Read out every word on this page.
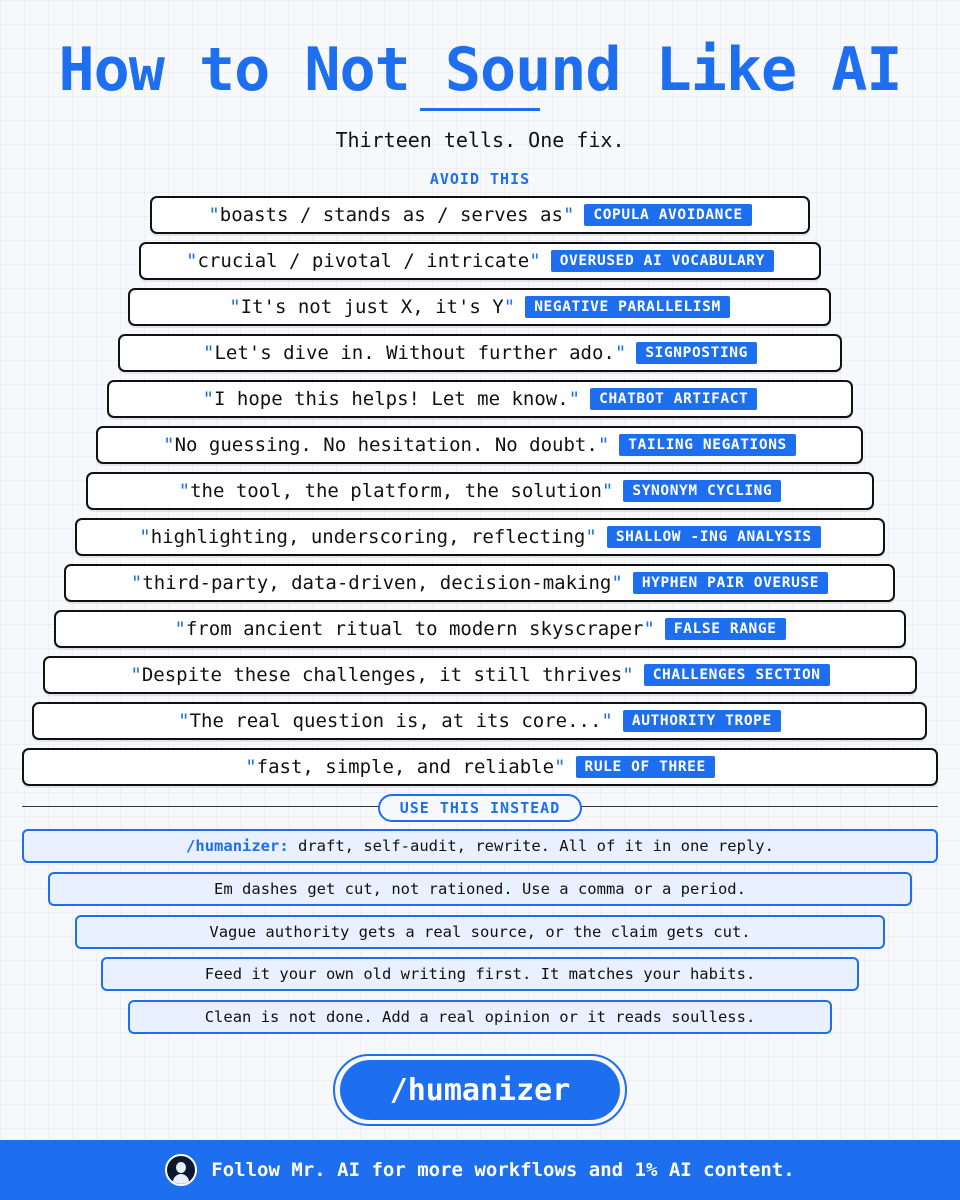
How to Not Sound Like AI
Thirteen tells. One fix.
AVOID THIS
" boasts / stands as / serves as "	COPULA AVOIDANCE
" crucial / pivotal / intricate "	OVERUSED AI VOCABULARY
" It's not just X, it's Y "	NEGATIVE PARALLELISM
" Let's dive in. Without further ado. "	SIGNPOSTING
" I hope this helps! Let me know. "	CHATBOT ARTIFACT
" No guessing. No hesitation. No doubt. "	TAILING NEGATIONS
" the tool, the platform, the solution "	SYNONYM CYCLING
" highlighting, underscoring, reflecting "	SHALLOW -ING ANALYSIS
" third-party, data-driven, decision-making "	HYPHEN PAIR OVERUSE
" from ancient ritual to modern skyscraper "	FALSE RANGE
" Despite these challenges, it still thrives "	CHALLENGES SECTION
" The real question is, at its core... "	AUTHORITY TROPE
" fast, simple, and reliable "	RULE OF THREE
USE THIS INSTEAD
/humanizer: draft, self-audit, rewrite. All of it in one reply.
Em dashes get cut, not rationed. Use a comma or a period.
Vague authority gets a real source, or the claim gets cut.
Feed it your own old writing first. It matches your habits.
Clean is not done. Add a real opinion or it reads soulless.
/humanizer
Follow Mr. AI for more workflows and 1% AI content.
